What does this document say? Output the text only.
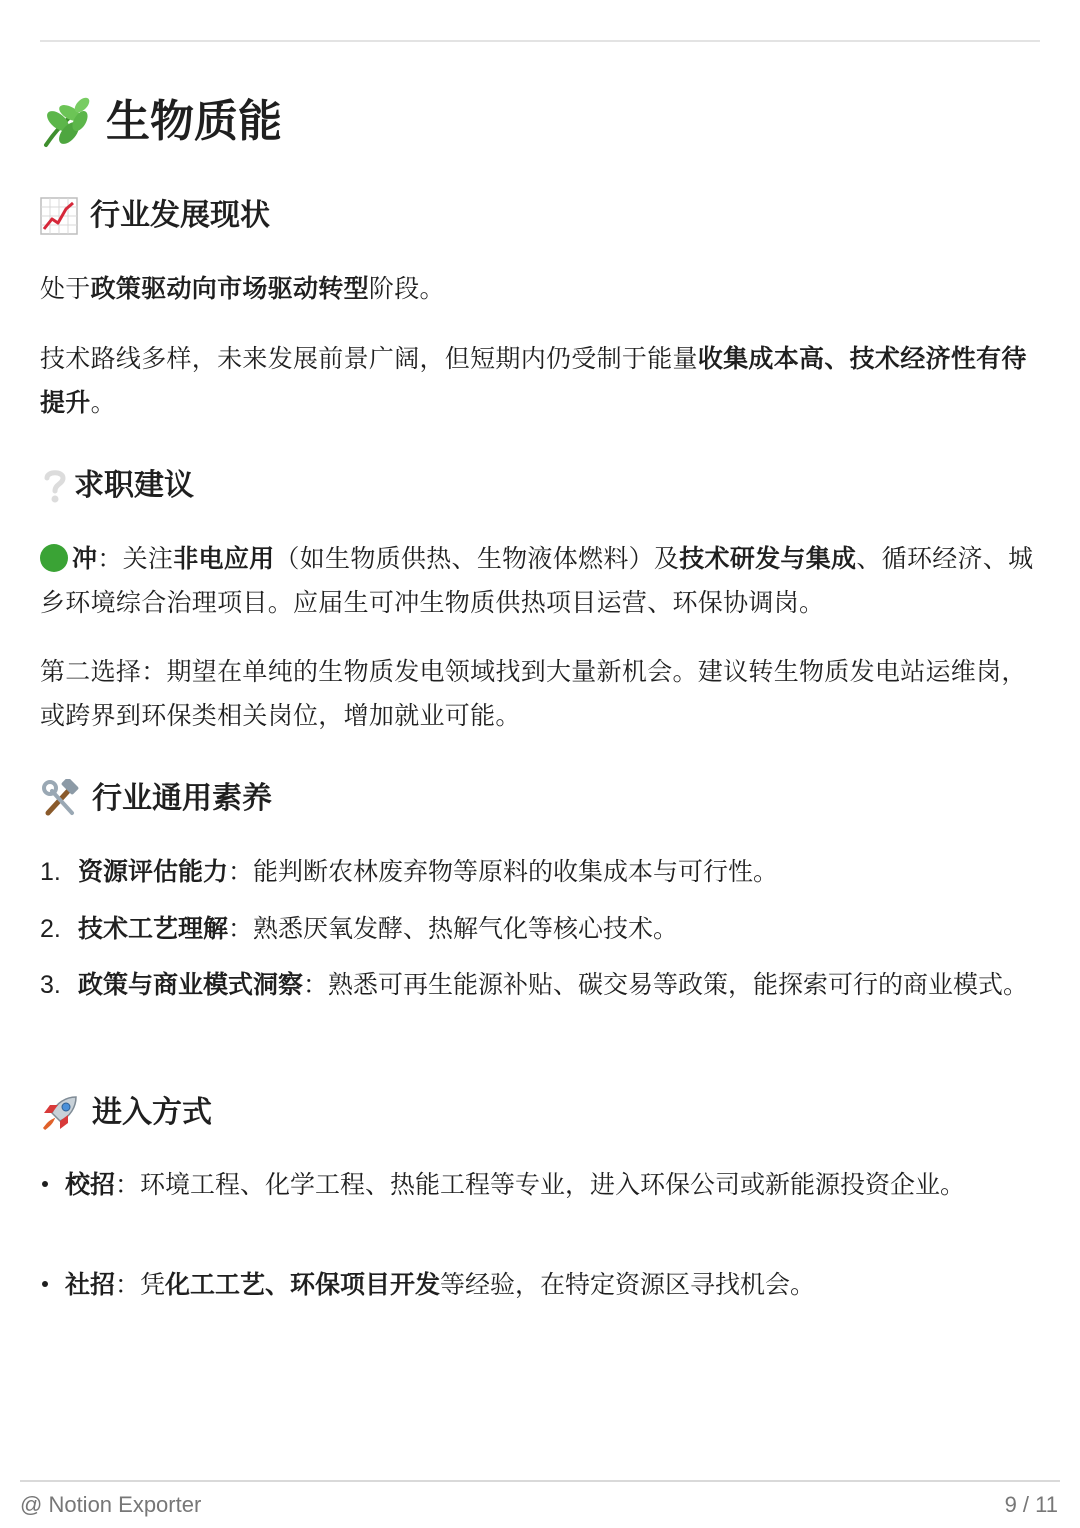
生物质能
行业发展现状

处于政策驱动向市场驱动转型阶段。

技术路线多样，未来发展前景广阔，但短期内仍受制于能量收集成本高、技术经济性有待提升。

求职建议

冲：关注非电应用（如生物质供热、生物液体燃料）及技术研发与集成、循环经济、城乡环境综合治理项目。应届生可冲生物质供热项目运营、环保协调岗。

第二选择：期望在单纯的生物质发电领域找到大量新机会。建议转生物质发电站运维岗，或跨界到环保类相关岗位，增加就业可能。

行业通用素养
1. 资源评估能力：能判断农林废弃物等原料的收集成本与可行性。
2. 技术工艺理解：熟悉厌氧发酵、热解气化等核心技术。
3. 政策与商业模式洞察：熟悉可再生能源补贴、碳交易等政策，能探索可行的商业模式。
进入方式
校招：环境工程、化学工程、热能工程等专业，进入环保公司或新能源投资企业。
社招：凭化工工艺、环保项目开发等经验，在特定资源区寻找机会。
@ Notion Exporter	9 / 11
